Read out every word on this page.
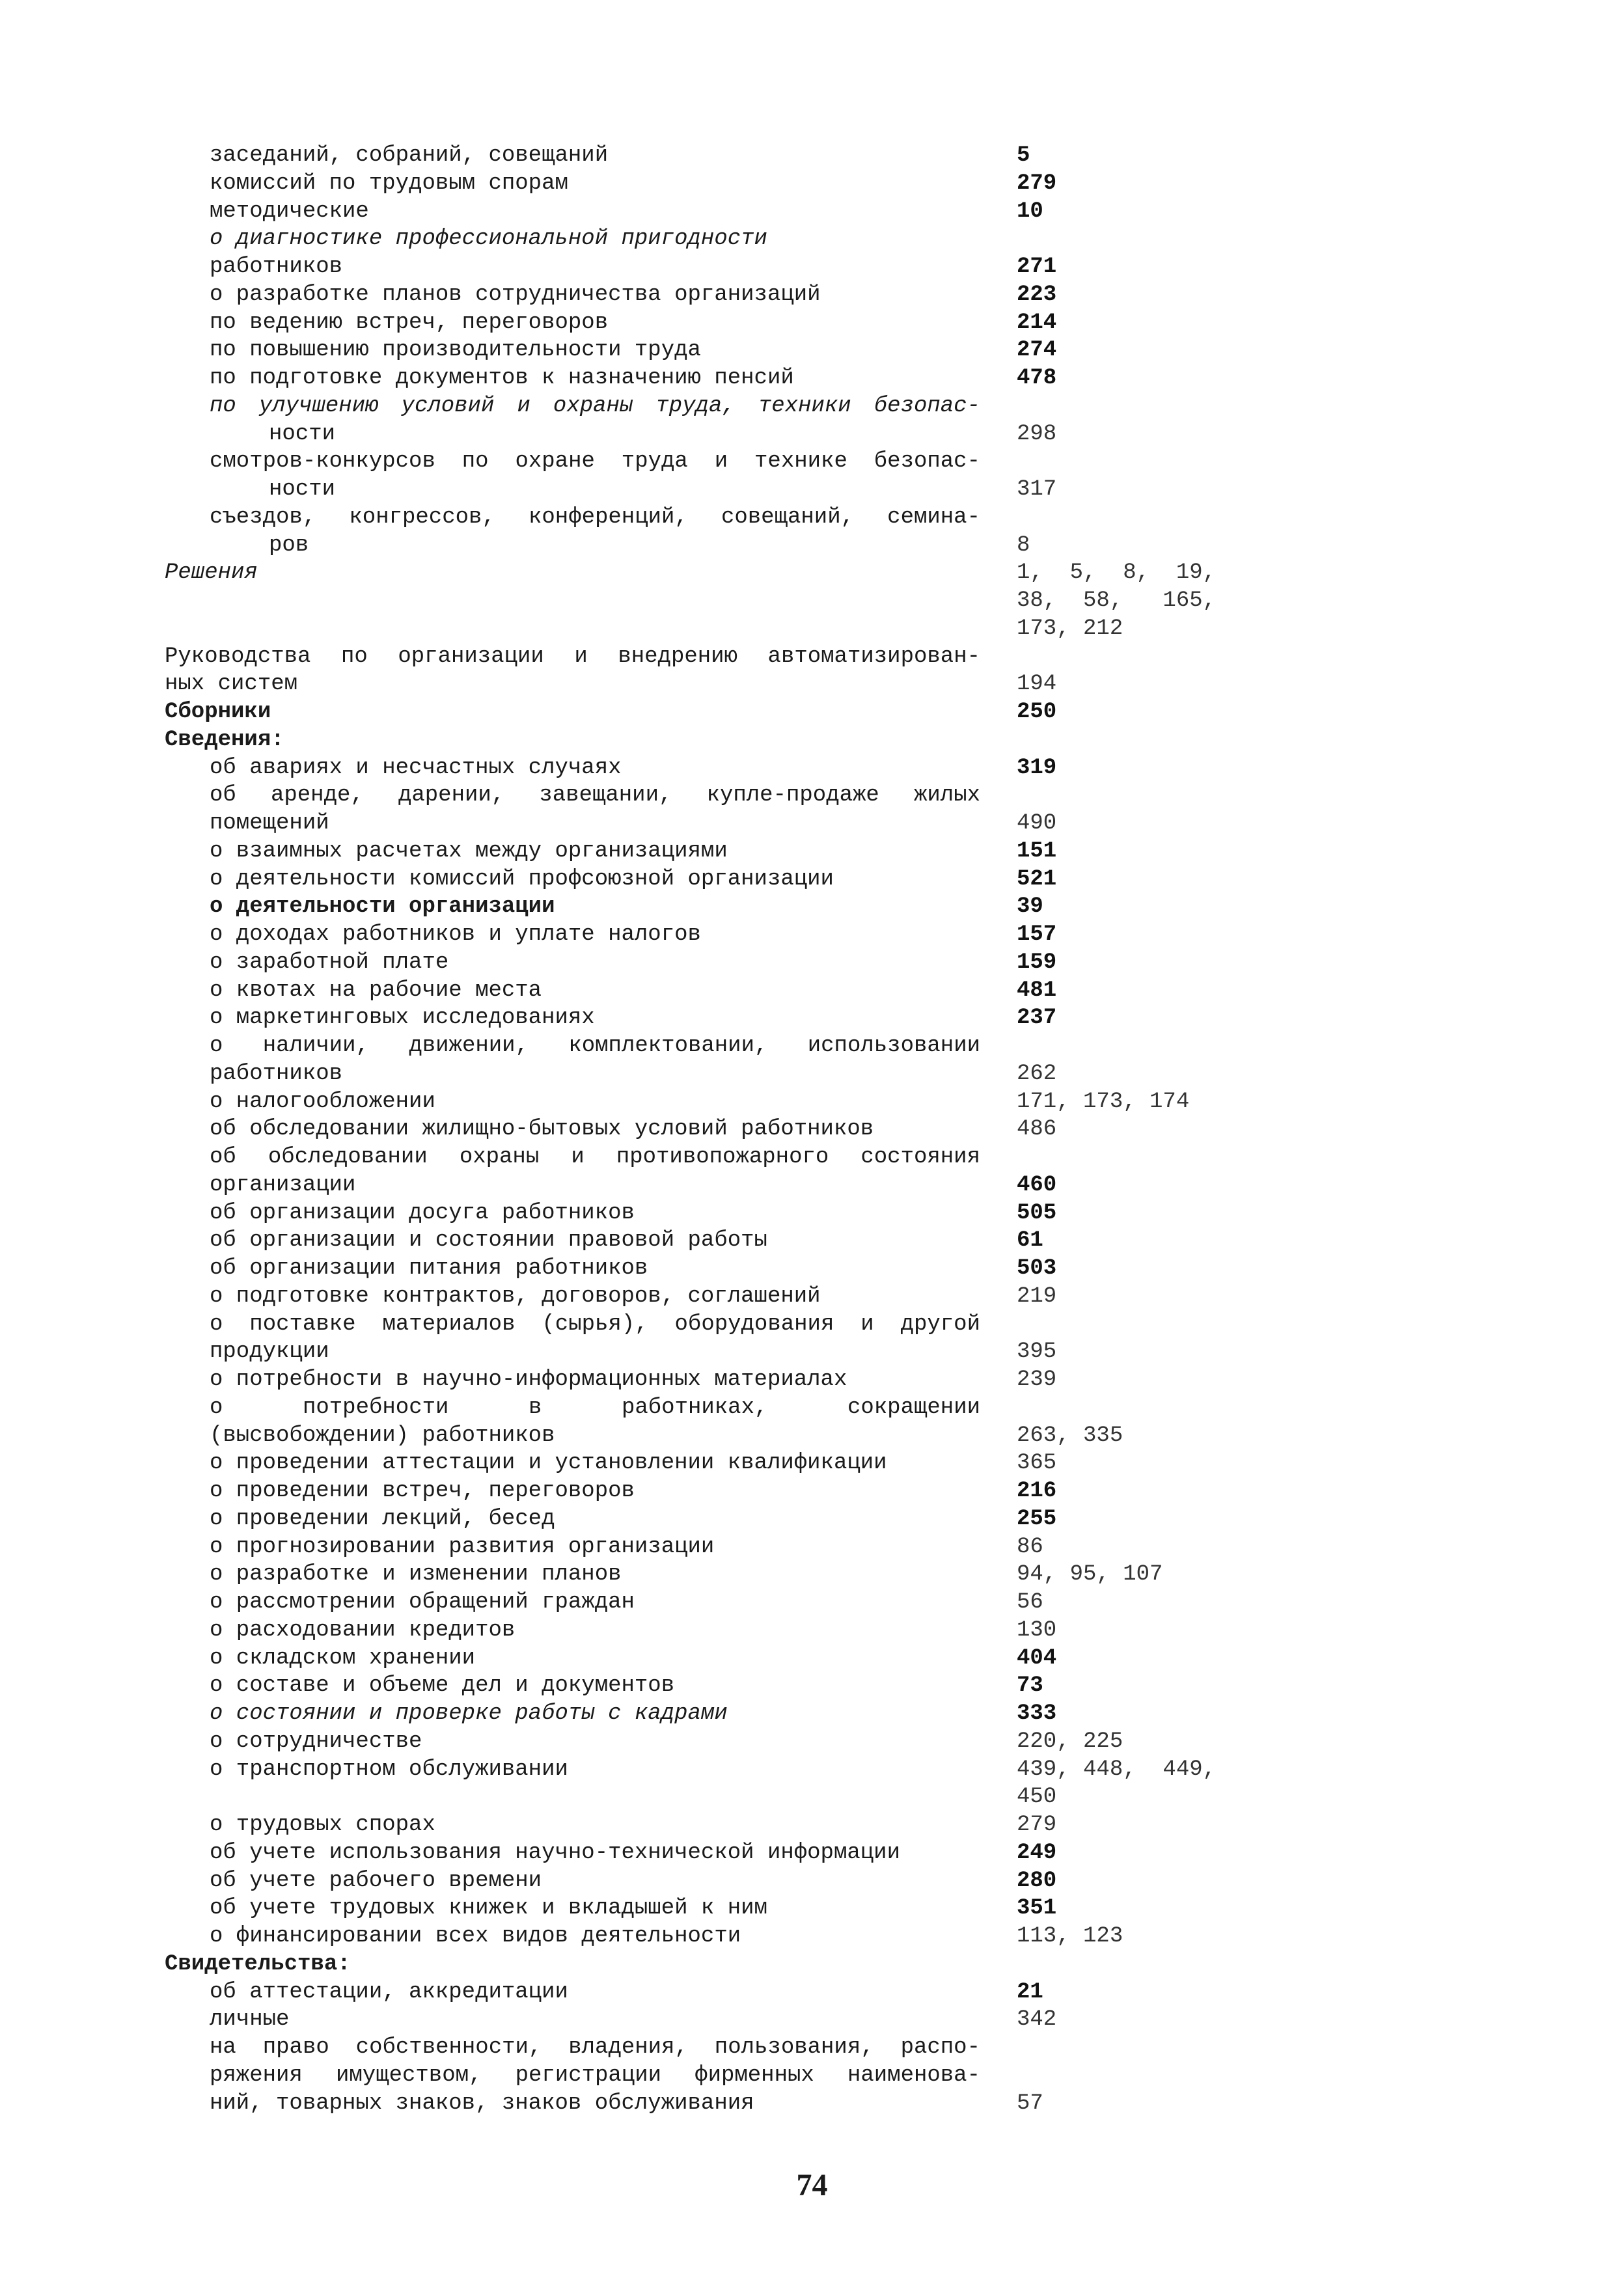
заседаний, собраний, совещаний	5
комиссий по трудовым спорам	279
методические	10
о диагностике профессиональной пригодности
работников	271
о разработке планов сотрудничества организаций	223
по ведению встреч, переговоров	214
по повышению производительности труда	274
по подготовке документов к назначению пенсий	478
по улучшению условий и охраны труда, техники безопас-
ности	298
смотров-конкурсов по охране труда и технике безопас-
ности	317
съездов, конгрессов, конференций, совещаний, семина-
ров	8
Решения	1,  5,  8,  19,
38,  58,   165,
173, 212
Руководства по организации и внедрению автоматизирован-
ных систем	194
Сборники	250
Сведения:
об авариях и несчастных случаях	319
об аренде, дарении, завещании, купле-продаже жилых
помещений	490
о взаимных расчетах между организациями	151
о деятельности комиссий профсоюзной организации	521
о деятельности организации	39
о доходах работников и уплате налогов	157
о заработной плате	159
о квотах на рабочие места	481
о маркетинговых исследованиях	237
о наличии, движении, комплектовании, использовании
работников	262
о налогообложении	171, 173, 174
об обследовании жилищно-бытовых условий работников	486
об обследовании охраны и противопожарного состояния
организации	460
об организации досуга работников	505
об организации и состоянии правовой работы	61
об организации питания работников	503
о подготовке контрактов, договоров, соглашений	219
о поставке материалов (сырья), оборудования и другой
продукции	395
о потребности в научно-информационных материалах	239
о потребности в работниках, сокращении
(высвобождении) работников	263, 335
о проведении аттестации и установлении квалификации	365
о проведении встреч, переговоров	216
о проведении лекций, бесед	255
о прогнозировании развития организации	86
о разработке и изменении планов	94, 95, 107
о рассмотрении обращений граждан	56
о расходовании кредитов	130
о складском хранении	404
о составе и объеме дел и документов	73
о состоянии и проверке работы с кадрами	333
о сотрудничестве	220, 225
о транспортном обслуживании	439, 448,  449,
450
о трудовых спорах	279
об учете использования научно-технической информации	249
об учете рабочего времени	280
об учете трудовых книжек и вкладышей к ним	351
о финансировании всех видов деятельности	113, 123
Свидетельства:
об аттестации, аккредитации	21
личные	342
на право собственности, владения, пользования, распо-
ряжения имуществом, регистрации фирменных наименова-
ний, товарных знаков, знаков обслуживания	57
74
